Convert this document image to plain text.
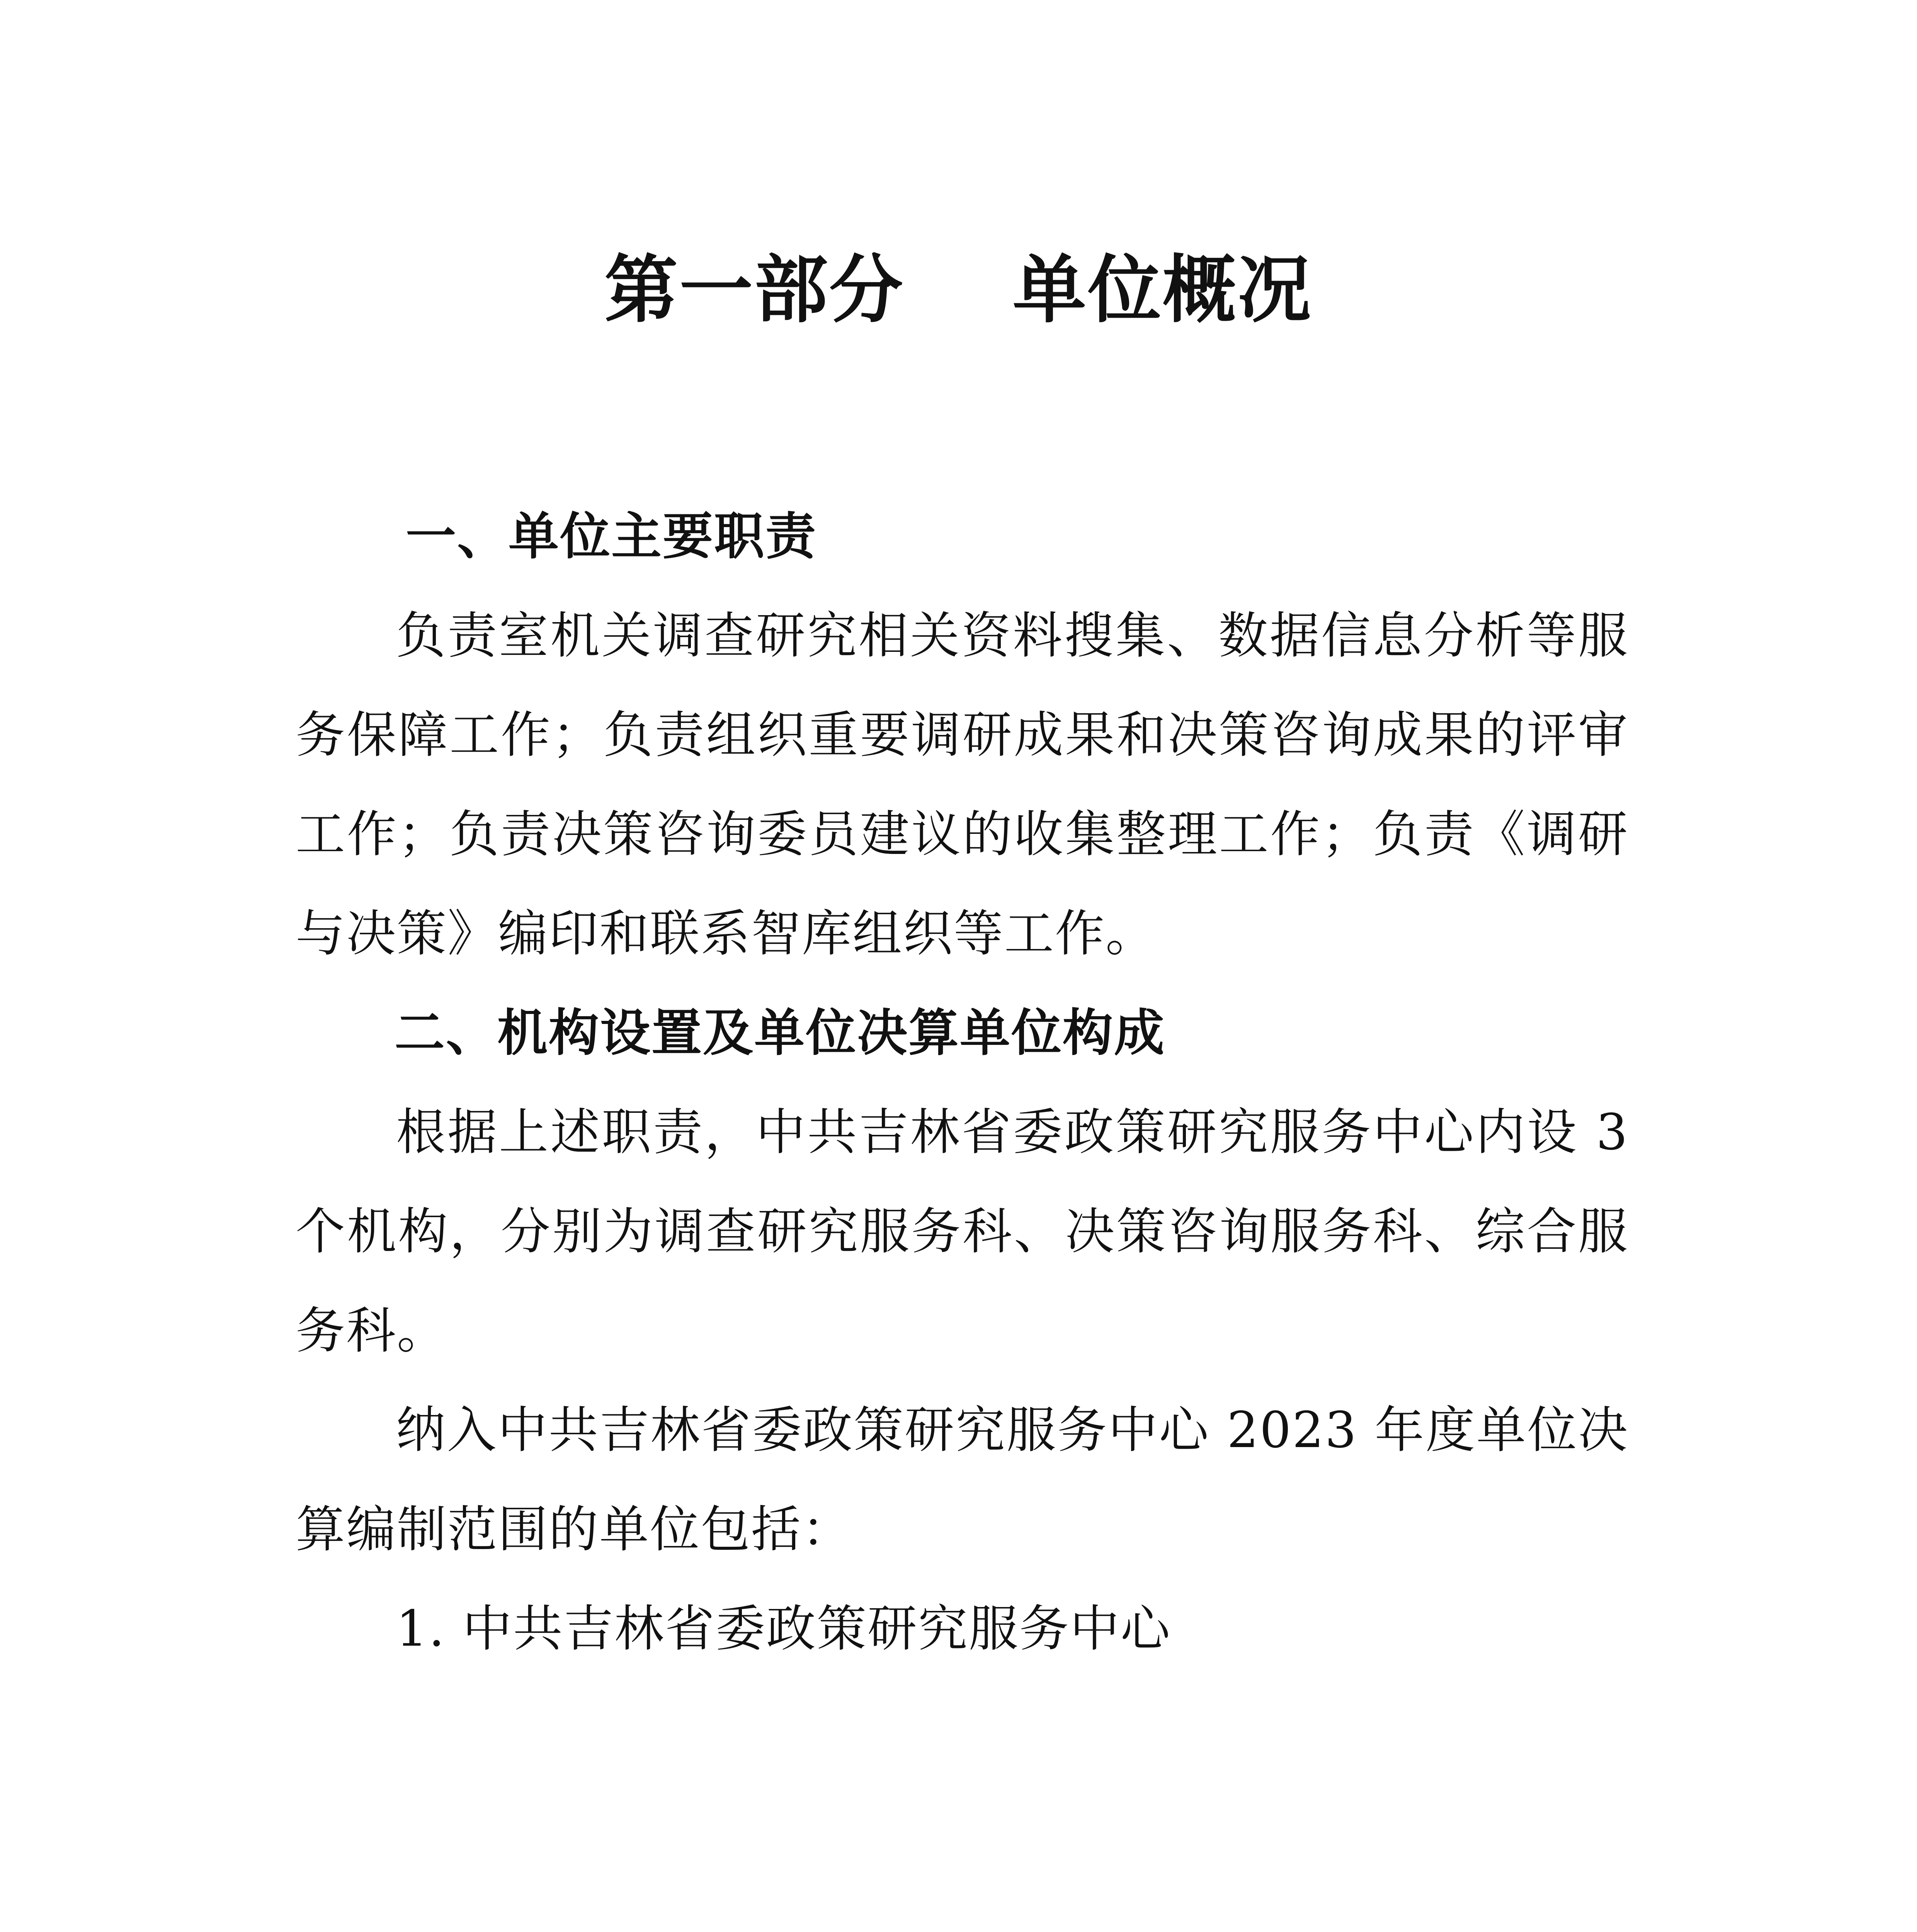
第一部分    单位概况

一、单位主要职责

负责室机关调查研究相关资料搜集、数据信息分析等服务保障工作；负责组织重要调研成果和决策咨询成果的评审工作；负责决策咨询委员建议的收集整理工作；负责《调研与决策》编印和联系智库组织等工作。

二、机构设置及单位决算单位构成

根据上述职责，中共吉林省委政策研究服务中心内设 3 个机构，分别为调查研究服务科、决策咨询服务科、综合服务科。

纳入中共吉林省委政策研究服务中心 2023 年度单位决算编制范围的单位包括：

1. 中共吉林省委政策研究服务中心
